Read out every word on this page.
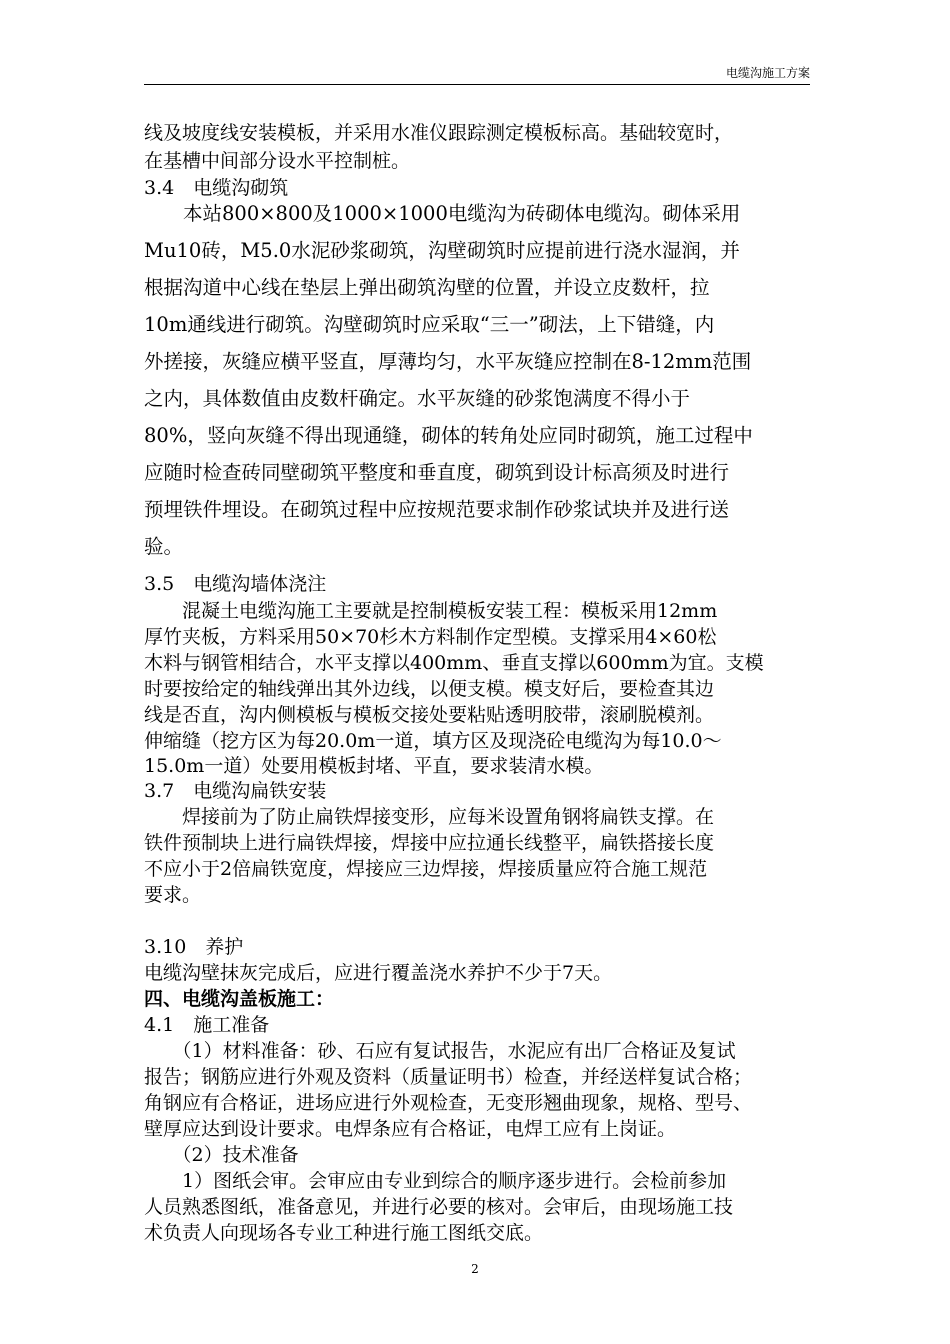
电缆沟施工方案
线及坡度线安装模板，并采用水准仪跟踪测定模板标高。基础较宽时，
在基槽中间部分设水平控制桩。
3.4　电缆沟砌筑
　　本站800×800及1000×1000电缆沟为砖砌体电缆沟。砌体采用
Mu10砖，M5.0水泥砂浆砌筑，沟壁砌筑时应提前进行浇水湿润，并
根据沟道中心线在垫层上弹出砌筑沟壁的位置，并设立皮数杆，拉
10m通线进行砌筑。沟壁砌筑时应采取“三一”砌法，上下错缝，内
外搓接，灰缝应横平竖直，厚薄均匀，水平灰缝应控制在8-12mm范围
之内，具体数值由皮数杆确定。水平灰缝的砂浆饱满度不得小于
80%，竖向灰缝不得出现通缝，砌体的转角处应同时砌筑，施工过程中
应随时检查砖同壁砌筑平整度和垂直度，砌筑到设计标高须及时进行
预埋铁件埋设。在砌筑过程中应按规范要求制作砂浆试块并及进行送
验。
3.5　电缆沟墙体浇注
　　混凝土电缆沟施工主要就是控制模板安装工程：模板采用12mm
厚竹夹板，方料采用50×70杉木方料制作定型模。支撑采用4×60松
木料与钢管相结合，水平支撑以400mm、垂直支撑以600mm为宜。支模
时要按给定的轴线弹出其外边线，以便支模。模支好后，要检查其边
线是否直，沟内侧模板与模板交接处要粘贴透明胶带，滚刷脱模剂。
伸缩缝（挖方区为每20.0m一道，填方区及现浇砼电缆沟为每10.0～
15.0m一道）处要用模板封堵、平直，要求装清水模。
3.7　电缆沟扁铁安装
　　焊接前为了防止扁铁焊接变形，应每米设置角钢将扁铁支撑。在
铁件预制块上进行扁铁焊接，焊接中应拉通长线整平，扁铁搭接长度
不应小于2倍扁铁宽度，焊接应三边焊接，焊接质量应符合施工规范
要求。
3.10　养护
电缆沟壁抹灰完成后，应进行覆盖浇水养护不少于7天。
四、电缆沟盖板施工：
4.1　施工准备
　　（1）材料准备：砂、石应有复试报告，水泥应有出厂合格证及复试
报告；钢筋应进行外观及资料（质量证明书）检查，并经送样复试合格；
角钢应有合格证，进场应进行外观检查，无变形翘曲现象，规格、型号、
壁厚应达到设计要求。电焊条应有合格证，电焊工应有上岗证。
　　（2）技术准备
　　1）图纸会审。会审应由专业到综合的顺序逐步进行。会检前参加
人员熟悉图纸，准备意见，并进行必要的核对。会审后，由现场施工技
术负责人向现场各专业工种进行施工图纸交底。
2
